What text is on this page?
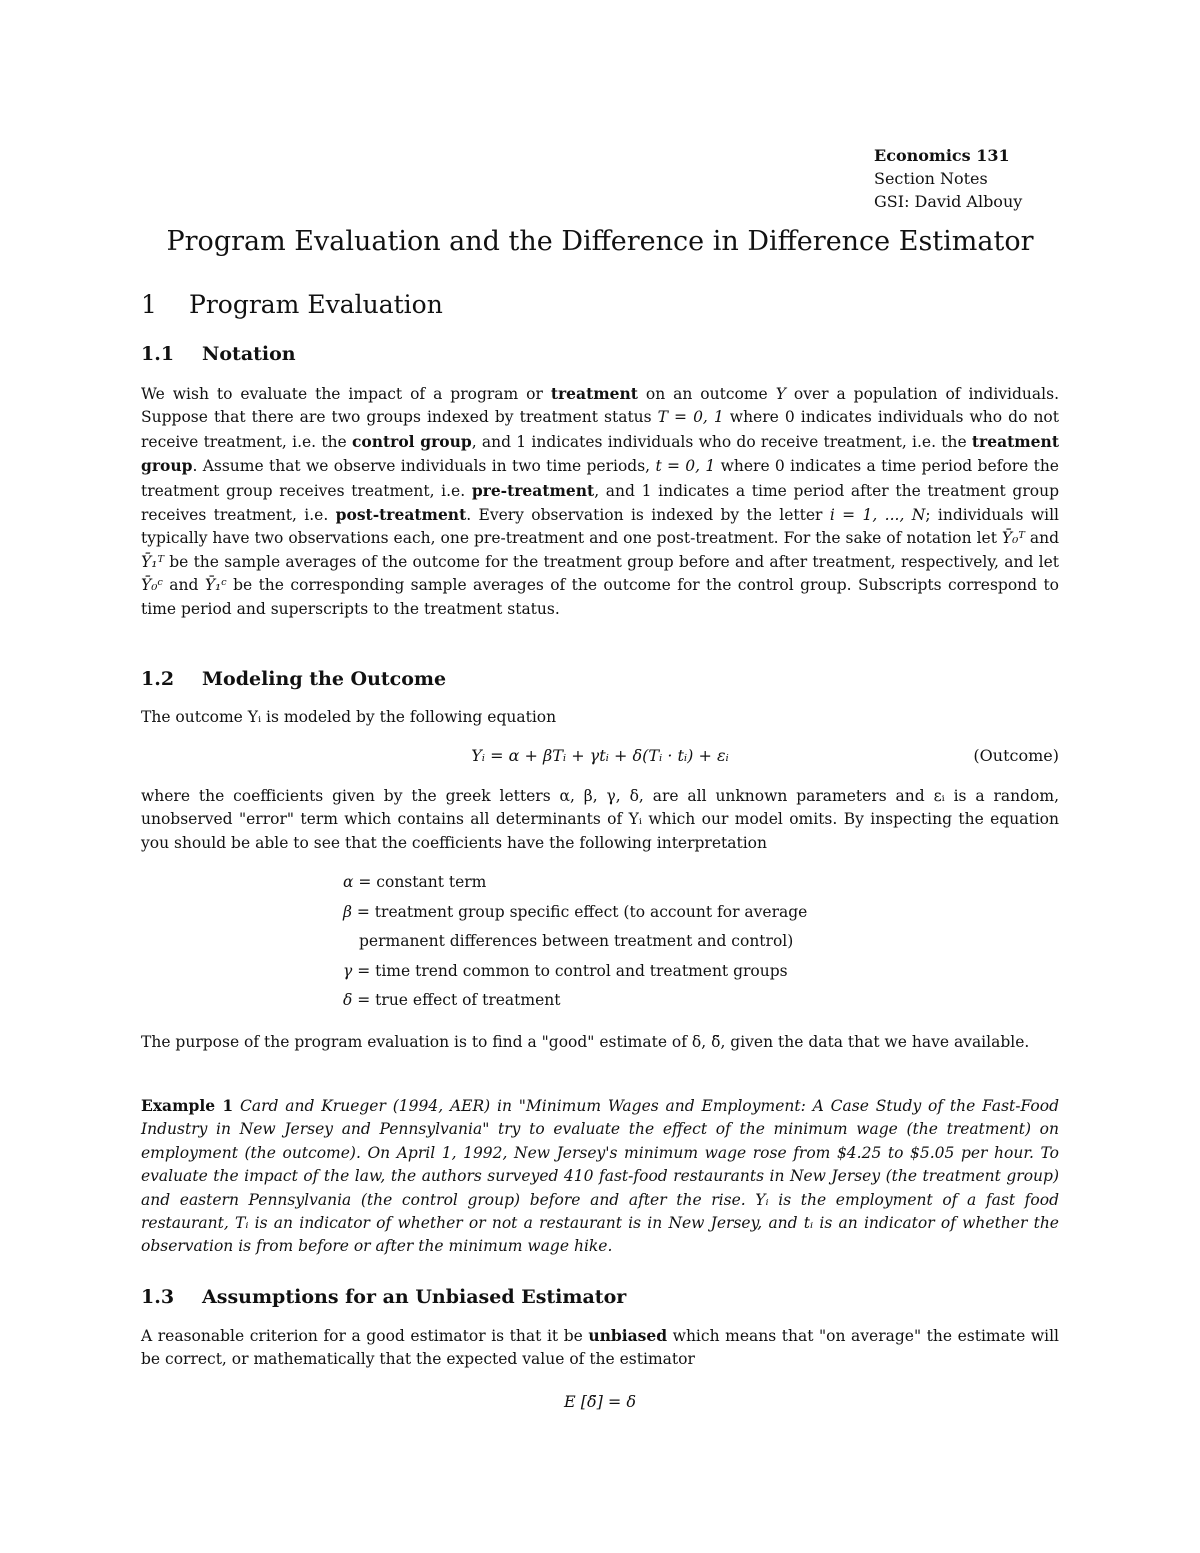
Economics 131
Section Notes
GSI: David Albouy
Program Evaluation and the Difference in Difference Estimator
1 Program Evaluation
1.1 Notation
We wish to evaluate the impact of a program or treatment on an outcome Y over a population of individuals. Suppose that there are two groups indexed by treatment status T = 0, 1 where 0 indicates individuals who do not receive treatment, i.e. the control group, and 1 indicates individuals who do receive treatment, i.e. the treatment group. Assume that we observe individuals in two time periods, t = 0, 1 where 0 indicates a time period before the treatment group receives treatment, i.e. pre-treatment, and 1 indicates a time period after the treatment group receives treatment, i.e. post-treatment. Every observation is indexed by the letter i = 1, ..., N; individuals will typically have two observations each, one pre-treatment and one post-treatment. For the sake of notation let Ȳ₀ᵀ and Ȳ₁ᵀ be the sample averages of the outcome for the treatment group before and after treatment, respectively, and let Ȳ₀ᶜ and Ȳ₁ᶜ be the corresponding sample averages of the outcome for the control group. Subscripts correspond to time period and superscripts to the treatment status.
1.2 Modeling the Outcome
The outcome Yᵢ is modeled by the following equation
Yᵢ = α + βTᵢ + γtᵢ + δ(Tᵢ · tᵢ) + εᵢ	(Outcome)
where the coefficients given by the greek letters α, β, γ, δ, are all unknown parameters and εᵢ is a random, unobserved "error" term which contains all determinants of Yᵢ which our model omits. By inspecting the equation you should be able to see that the coefficients have the following interpretation
α = constant term
β = treatment group specific effect (to account for average
permanent differences between treatment and control)
γ = time trend common to control and treatment groups
δ = true effect of treatment
The purpose of the program evaluation is to find a "good" estimate of δ, δ̃, given the data that we have available.
Example 1 Card and Krueger (1994, AER) in "Minimum Wages and Employment: A Case Study of the Fast-Food Industry in New Jersey and Pennsylvania" try to evaluate the effect of the minimum wage (the treatment) on employment (the outcome). On April 1, 1992, New Jersey's minimum wage rose from $4.25 to $5.05 per hour. To evaluate the impact of the law, the authors surveyed 410 fast-food restaurants in New Jersey (the treatment group) and eastern Pennsylvania (the control group) before and after the rise. Yᵢ is the employment of a fast food restaurant, Tᵢ is an indicator of whether or not a restaurant is in New Jersey, and tᵢ is an indicator of whether the observation is from before or after the minimum wage hike.
1.3 Assumptions for an Unbiased Estimator
A reasonable criterion for a good estimator is that it be unbiased which means that "on average" the estimate will be correct, or mathematically that the expected value of the estimator
E [δ̃] = δ
